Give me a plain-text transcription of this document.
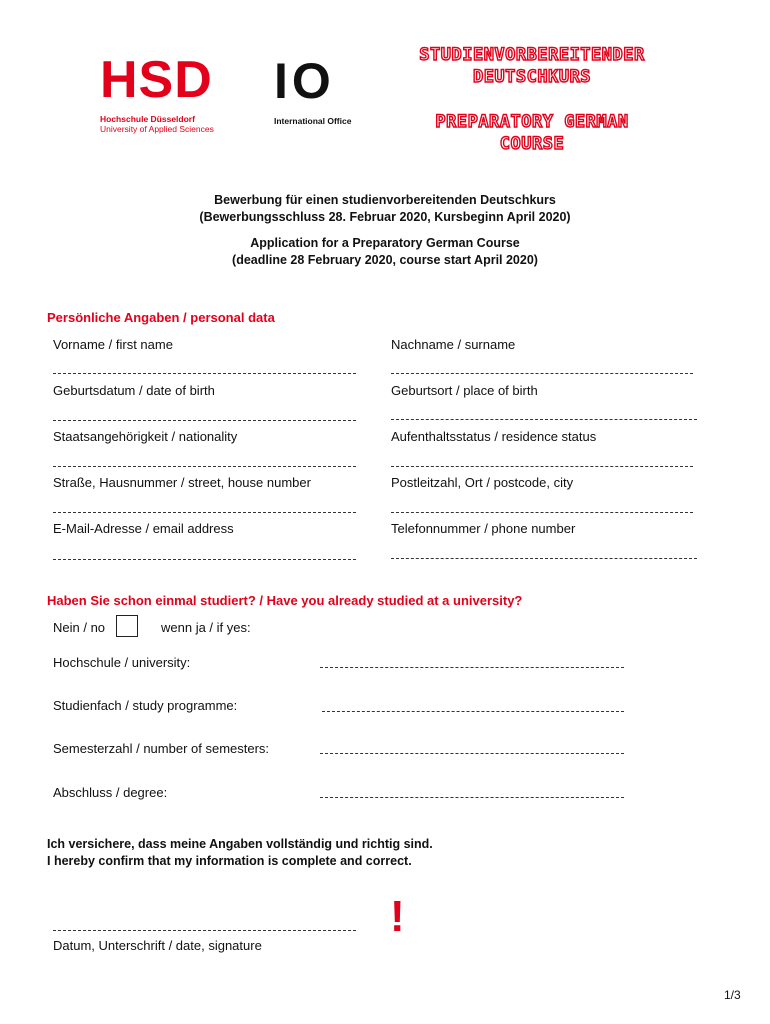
HSD
Hochschule Düsseldorf
University of Applied Sciences
IO
International Office
STUDIENVORBEREITENDER
DEUTSCHKURS
PREPARATORY GERMAN
COURSE
Bewerbung für einen studienvorbereitenden Deutschkurs
(Bewerbungsschluss 28. Februar 2020, Kursbeginn April 2020)
Application for a Preparatory German Course
(deadline 28 February 2020, course start April 2020)
Persönliche Angaben / personal data
Vorname / first name	Nachname / surname
Geburtsdatum / date of birth	Geburtsort / place of birth
Staatsangehörigkeit / nationality	Aufenthaltsstatus / residence status
Straße, Hausnummer / street, house number	Postleitzahl, Ort / postcode, city
E-Mail-Adresse / email address	Telefonnummer / phone number
Haben Sie schon einmal studiert? / Have you already studied at a university?
Nein / no	wenn ja / if yes:
Hochschule / university:
Studienfach / study programme:
Semesterzahl / number of semesters:
Abschluss / degree:
Ich versichere, dass meine Angaben vollständig und richtig sind.
I hereby confirm that my information is complete and correct.
Datum, Unterschrift / date, signature
!
1/3
